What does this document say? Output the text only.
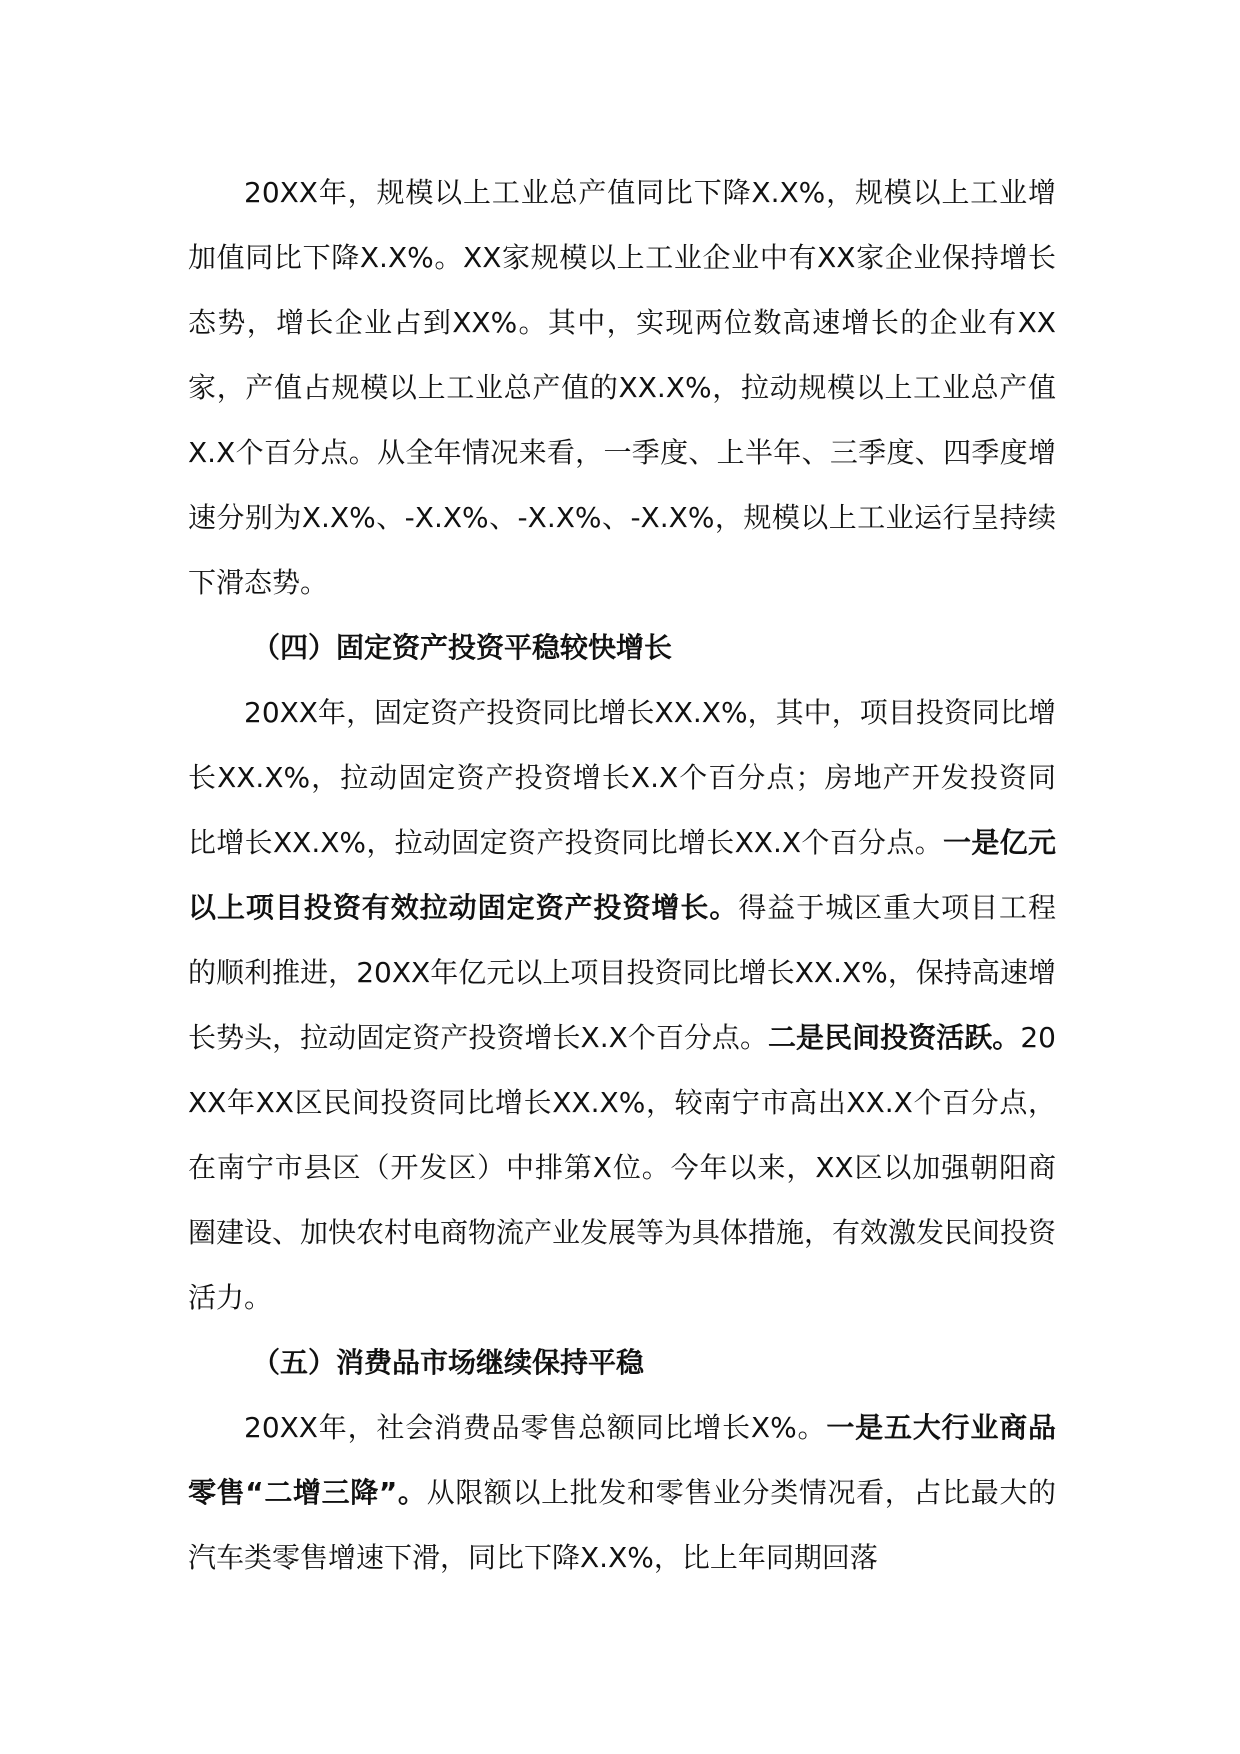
20XX年，规模以上工业总产值同比下降X.X%，规模以上工业增加值同比下降X.X%。XX家规模以上工业企业中有XX家企业保持增长态势，增长企业占到XX%。其中，实现两位数高速增长的企业有XX家，产值占规模以上工业总产值的XX.X%，拉动规模以上工业总产值X.X个百分点。从全年情况来看，一季度、上半年、三季度、四季度增速分别为X.X%、-X.X%、-X.X%、-X.X%，规模以上工业运行呈持续下滑态势。

（四）固定资产投资平稳较快增长

20XX年，固定资产投资同比增长XX.X%，其中，项目投资同比增长XX.X%，拉动固定资产投资增长X.X个百分点；房地产开发投资同比增长XX.X%，拉动固定资产投资同比增长XX.X个百分点。一是亿元以上项目投资有效拉动固定资产投资增长。得益于城区重大项目工程的顺利推进，20XX年亿元以上项目投资同比增长XX.X%，保持高速增长势头，拉动固定资产投资增长X.X个百分点。二是民间投资活跃。20XX年XX区民间投资同比增长XX.X%，较南宁市高出XX.X个百分点，在南宁市县区（开发区）中排第X位。今年以来，XX区以加强朝阳商圈建设、加快农村电商物流产业发展等为具体措施，有效激发民间投资活力。

（五）消费品市场继续保持平稳

20XX年，社会消费品零售总额同比增长X%。一是五大行业商品零售“二增三降”。从限额以上批发和零售业分类情况看，占比最大的汽车类零售增速下滑，同比下降X.X%，比上年同期回落
